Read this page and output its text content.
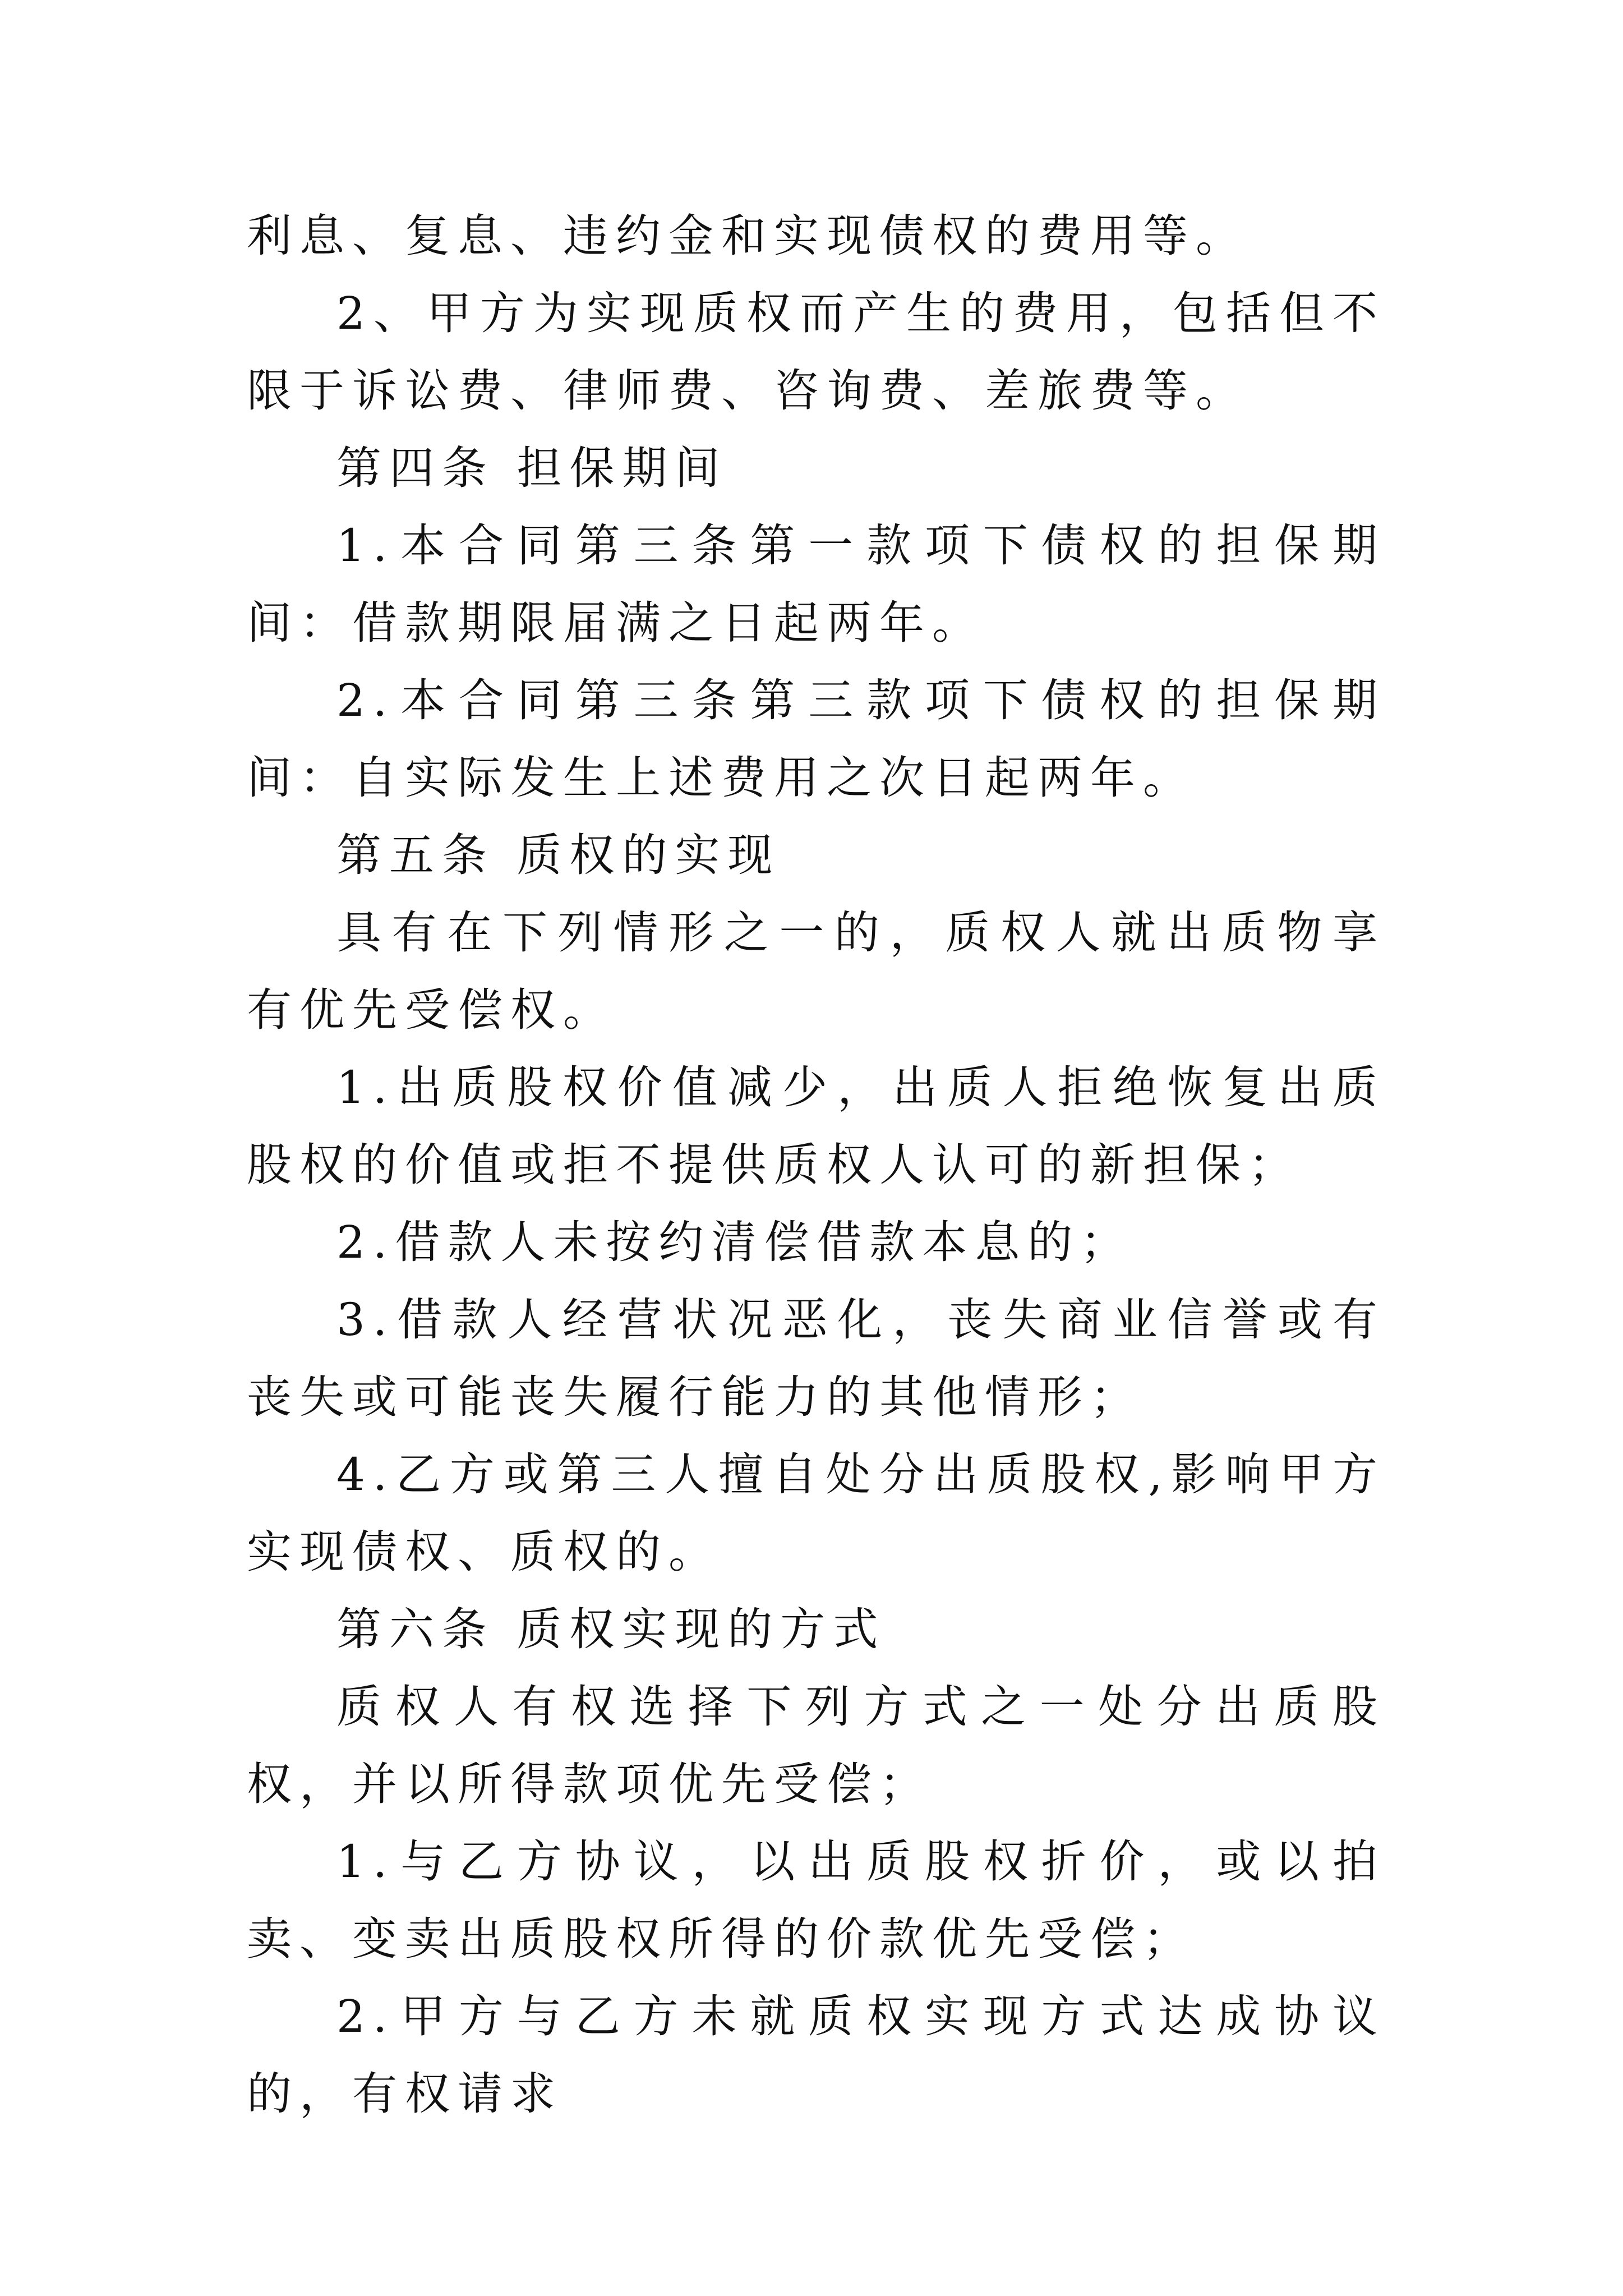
利息、复息、违约金和实现债权的费用等。

2、甲方为实现质权而产生的费用，包括但不限于诉讼费、律师费、咨询费、差旅费等。

第四条 担保期间

1.本合同第三条第一款项下债权的担保期间：借款期限届满之日起两年。

2.本合同第三条第三款项下债权的担保期间：自实际发生上述费用之次日起两年。

第五条 质权的实现

具有在下列情形之一的，质权人就出质物享有优先受偿权。

1.出质股权价值减少，出质人拒绝恢复出质股权的价值或拒不提供质权人认可的新担保；

2.借款人未按约清偿借款本息的；

3.借款人经营状况恶化，丧失商业信誉或有丧失或可能丧失履行能力的其他情形；

4.乙方或第三人擅自处分出质股权,影响甲方实现债权、质权的。

第六条 质权实现的方式

质权人有权选择下列方式之一处分出质股权，并以所得款项优先受偿；

1.与乙方协议，以出质股权折价，或以拍卖、变卖出质股权所得的价款优先受偿；

2.甲方与乙方未就质权实现方式达成协议的，有权请求
